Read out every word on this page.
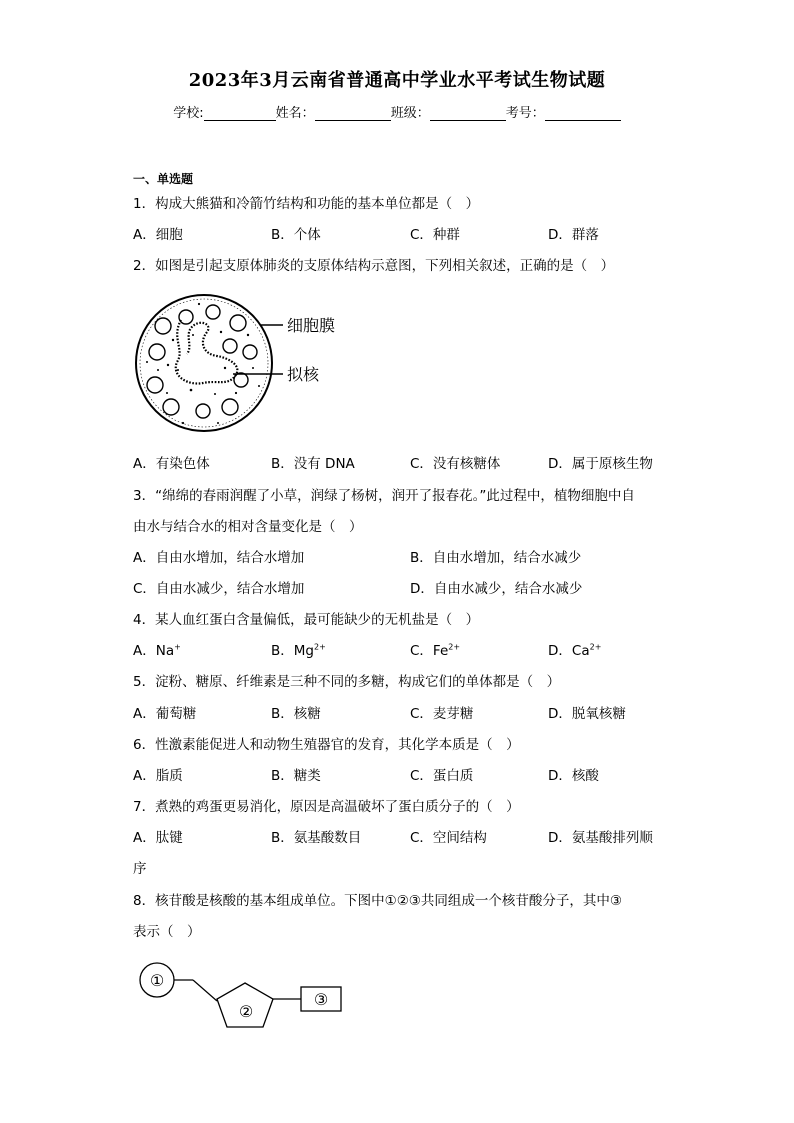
2023年3月云南省普通高中学业水平考试生物试题
学校:	姓名：	班级：	考号：
一、单选题
1．构成大熊猫和冷箭竹结构和功能的基本单位都是（　）
A．细胞	B．个体	C．种群	D．群落
2．如图是引起支原体肺炎的支原体结构示意图，下列相关叙述，正确的是（　）
细胞膜
拟核
A．有染色体	B．没有 DNA	C．没有核糖体	D．属于原核生物
3．“绵绵的春雨润醒了小草，润绿了杨树，润开了报春花。”此过程中，植物细胞中自
由水与结合水的相对含量变化是（　）
A．自由水增加，结合水增加	B．自由水增加，结合水减少
C．自由水减少，结合水增加	D．自由水减少，结合水减少
4．某人血红蛋白含量偏低，最可能缺少的无机盐是（　）
A．Na+	B．$Mg^{2+}$	C．$Fe^{2+}$	D．$Ca^{2+}$
5．淀粉、糖原、纤维素是三种不同的多糖，构成它们的单体都是（　）
A．葡萄糖	B．核糖	C．麦芽糖	D．脱氧核糖
6．性激素能促进人和动物生殖器官的发育，其化学本质是（　）
A．脂质	B．糖类	C．蛋白质	D．核酸
7．煮熟的鸡蛋更易消化，原因是高温破坏了蛋白质分子的（　）
A．肽键	B．氨基酸数目	C．空间结构	D．氨基酸排列顺
序
8．核苷酸是核酸的基本组成单位。下图中①②③共同组成一个核苷酸分子，其中③
表示（　）
①
②
③
